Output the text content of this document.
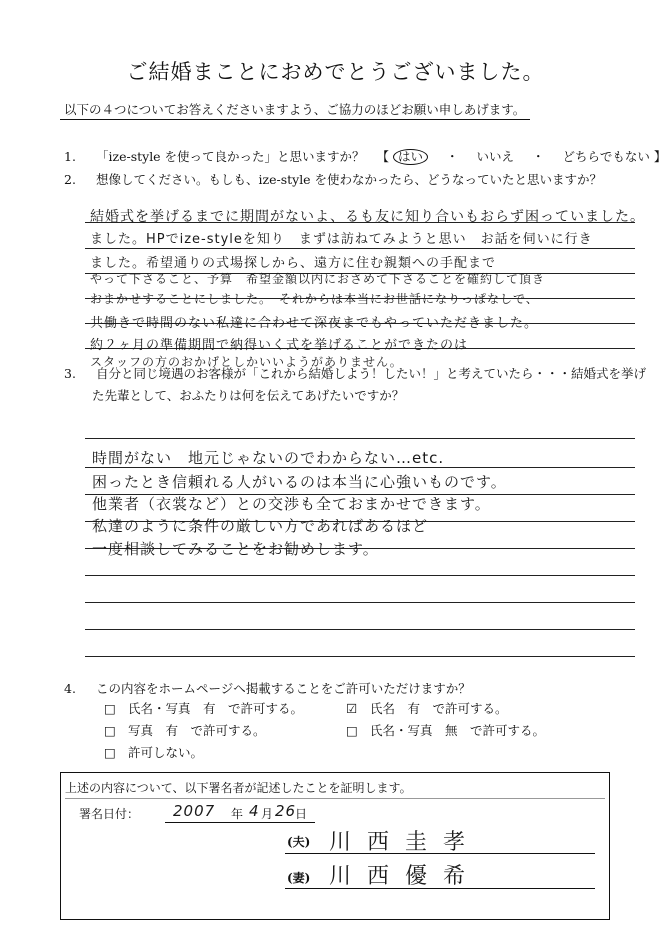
ご結婚まことにおめでとうございました。
以下の４つについてお答えくださいますよう、ご協力のほどお願い申しあげます。
1. 「ize-style を使って良かった」と思いますか？ 【 はい ・ いいえ ・ どちらでもない 】
2. 想像してください。もしも、ize-style を使わなかったら、どうなっていたと思いますか？
結婚式を挙げるまでに期間がないよ、るも友に知り合いもおらず困っていました。
ました。HPでize-styleを知り　まずは訪ねてみようと思い　お話を伺いに行き
ました。希望通りの式場探しから、遠方に住む親類への手配まで
やって下さること、予算　希望金額以内におさめて下さることを確約して頂き
おまかせすることにしました。　それからは本当にお世話になりっぱなしで、
共働きで時間のない私達に合わせて深夜までもやっていただきました。
約２ヶ月の準備期間で納得いく式を挙げることができたのは
スタッフの方のおかげとしかいいようがありません。
3. 自分と同じ境遇のお客様が「これから結婚しよう！したい！」と考えていたら・・・結婚式を挙げ
た先輩として、おふたりは何を伝えてあげたいですか？
時間がない　地元じゃないのでわからない…etc.
困ったとき信頼れる人がいるのは本当に心強いものです。
他業者（衣裳など）との交渉も全ておまかせできます。
私達のように条件の厳しい方であればあるほど
一度相談してみることをお勧めします。
4. この内容をホームページへ掲載することをご許可いただけますか？
□ 氏名・写真　有　で許可する。	☑ 氏名　有　で許可する。
□ 写真　有　で許可する。	□ 氏名・写真　無　で許可する。
□ 許可しない。
上述の内容について、以下署名者が記述したことを証明します。
署名日付： 2007 年 4 月 26
日
(夫) 川西圭孝
(妻) 川西優希
